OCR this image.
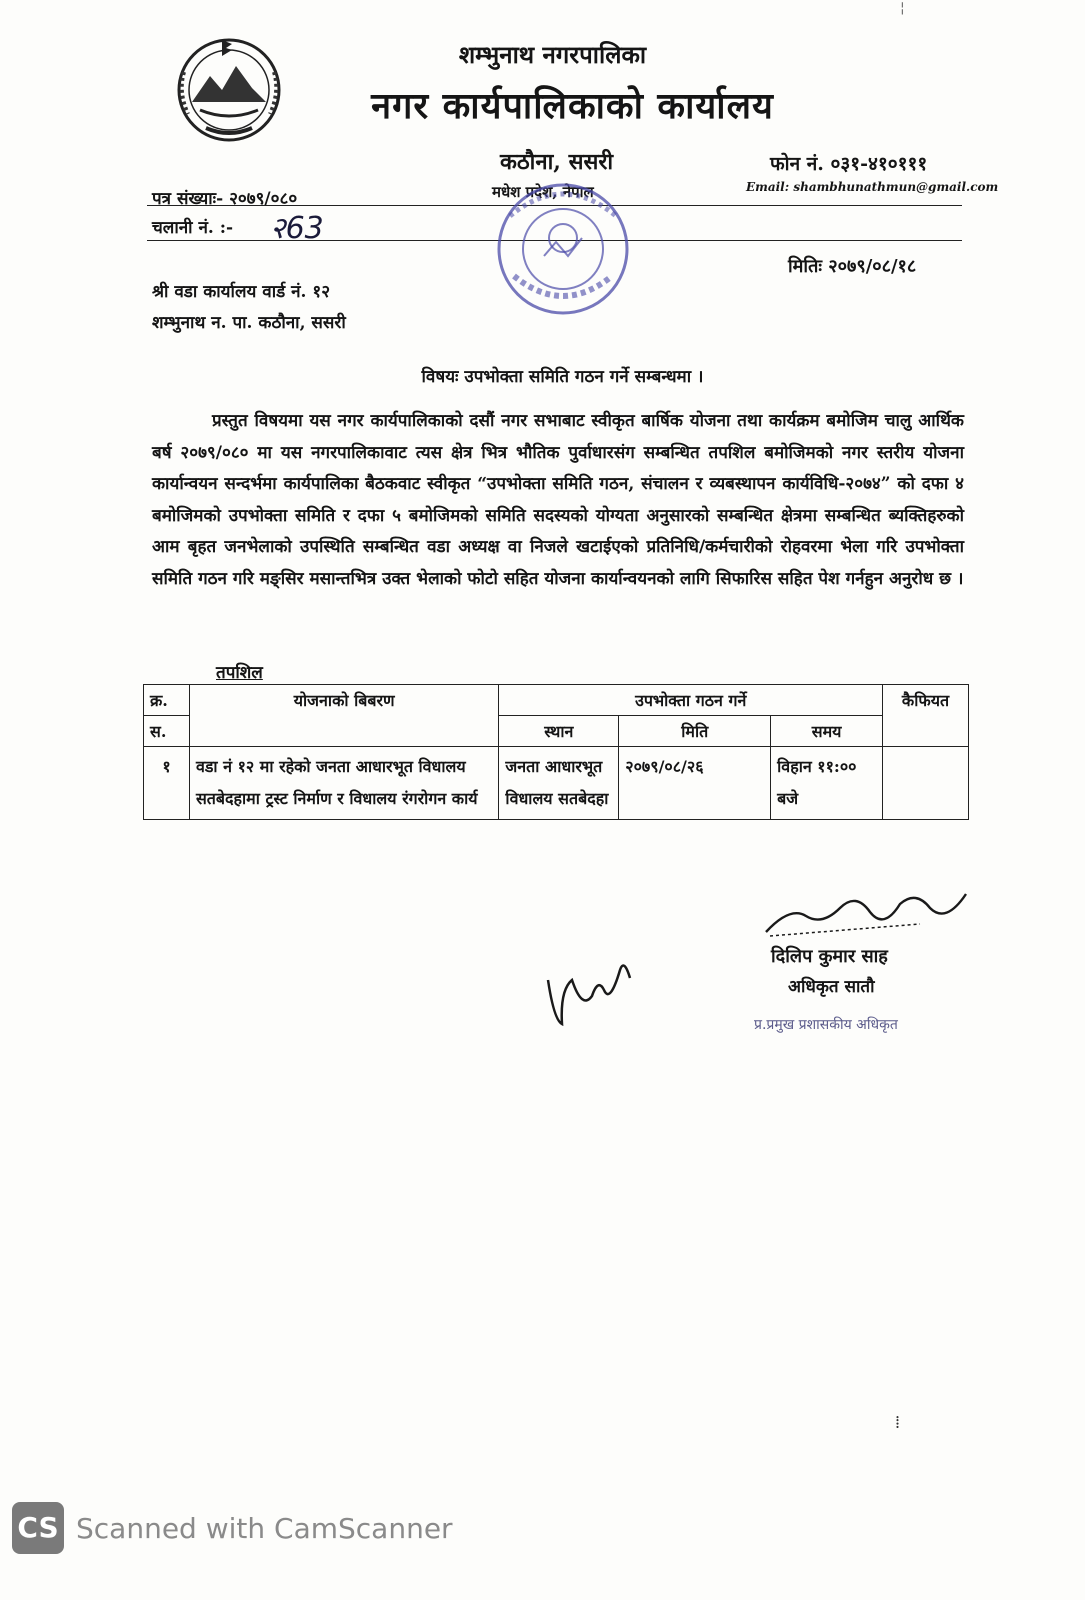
शम्भुनाथ नगरपालिका
नगर कार्यपालिकाको कार्यालय
कठौना, ससरी
मधेश प्रदेश, नेपाल
फोन नं. ०३१-४१०१११
Email: shambhunathmun@gmail.com
पत्र संख्याः- २०७९/०८०
चलानी नं. :- २63
मितिः २०७९/०८/१८
श्री वडा कार्यालय वार्ड नं. १२
शम्भुनाथ न. पा. कठौना, ससरी
विषयः उपभोक्ता समिति गठन गर्ने सम्बन्धमा ।
प्रस्तुत विषयमा यस नगर कार्यपालिकाको दसौं नगर सभाबाट स्वीकृत बार्षिक योजना तथा कार्यक्रम बमोजिम चालु आर्थिक बर्ष २०७९/०८० मा यस नगरपालिकावाट त्यस क्षेत्र भित्र भौतिक पुर्वाधारसंग सम्बन्धित तपशिल बमोजिमको नगर स्तरीय योजना कार्यान्वयन सन्दर्भमा कार्यपालिका बैठकवाट स्वीकृत “उपभोक्ता समिति गठन, संचालन र व्यबस्थापन कार्यविधि-२०७४” को दफा ४ बमोजिमको उपभोक्ता समिति र दफा ५ बमोजिमको समिति सदस्यको योग्यता अनुसारको सम्बन्धित क्षेत्रमा सम्बन्धित ब्यक्तिहरुको आम बृहत जनभेलाको उपस्थिति सम्बन्धित वडा अध्यक्ष वा निजले खटाईएको प्रतिनिधि/कर्मचारीको रोहवरमा भेला गरि उपभोक्ता समिति गठन गरि मङ्सिर मसान्तभित्र उक्त भेलाको फोटो सहित योजना कार्यान्वयनको लागि सिफारिस सहित पेश गर्नहुन अनुरोध छ ।
तपशिल
क्र.	योजनाको बिबरण	उपभोक्ता गठन गर्ने			कैफियत
स.		स्थान	मिति	समय	
१	वडा नं १२ मा रहेको जनता आधारभूत विधालय सतबेदहामा ट्रस्ट निर्माण र विधालय रंगरोगन कार्य	जनता आधारभूत विधालय सतबेदहा	२०७९/०८/२६	विहान ११:०० बजे	
दिलिप कुमार साह
अधिकृत सातौ
प्र.प्रमुख प्रशासकीय अधिकृत
¦
⁞
CS Scanned with CamScanner
